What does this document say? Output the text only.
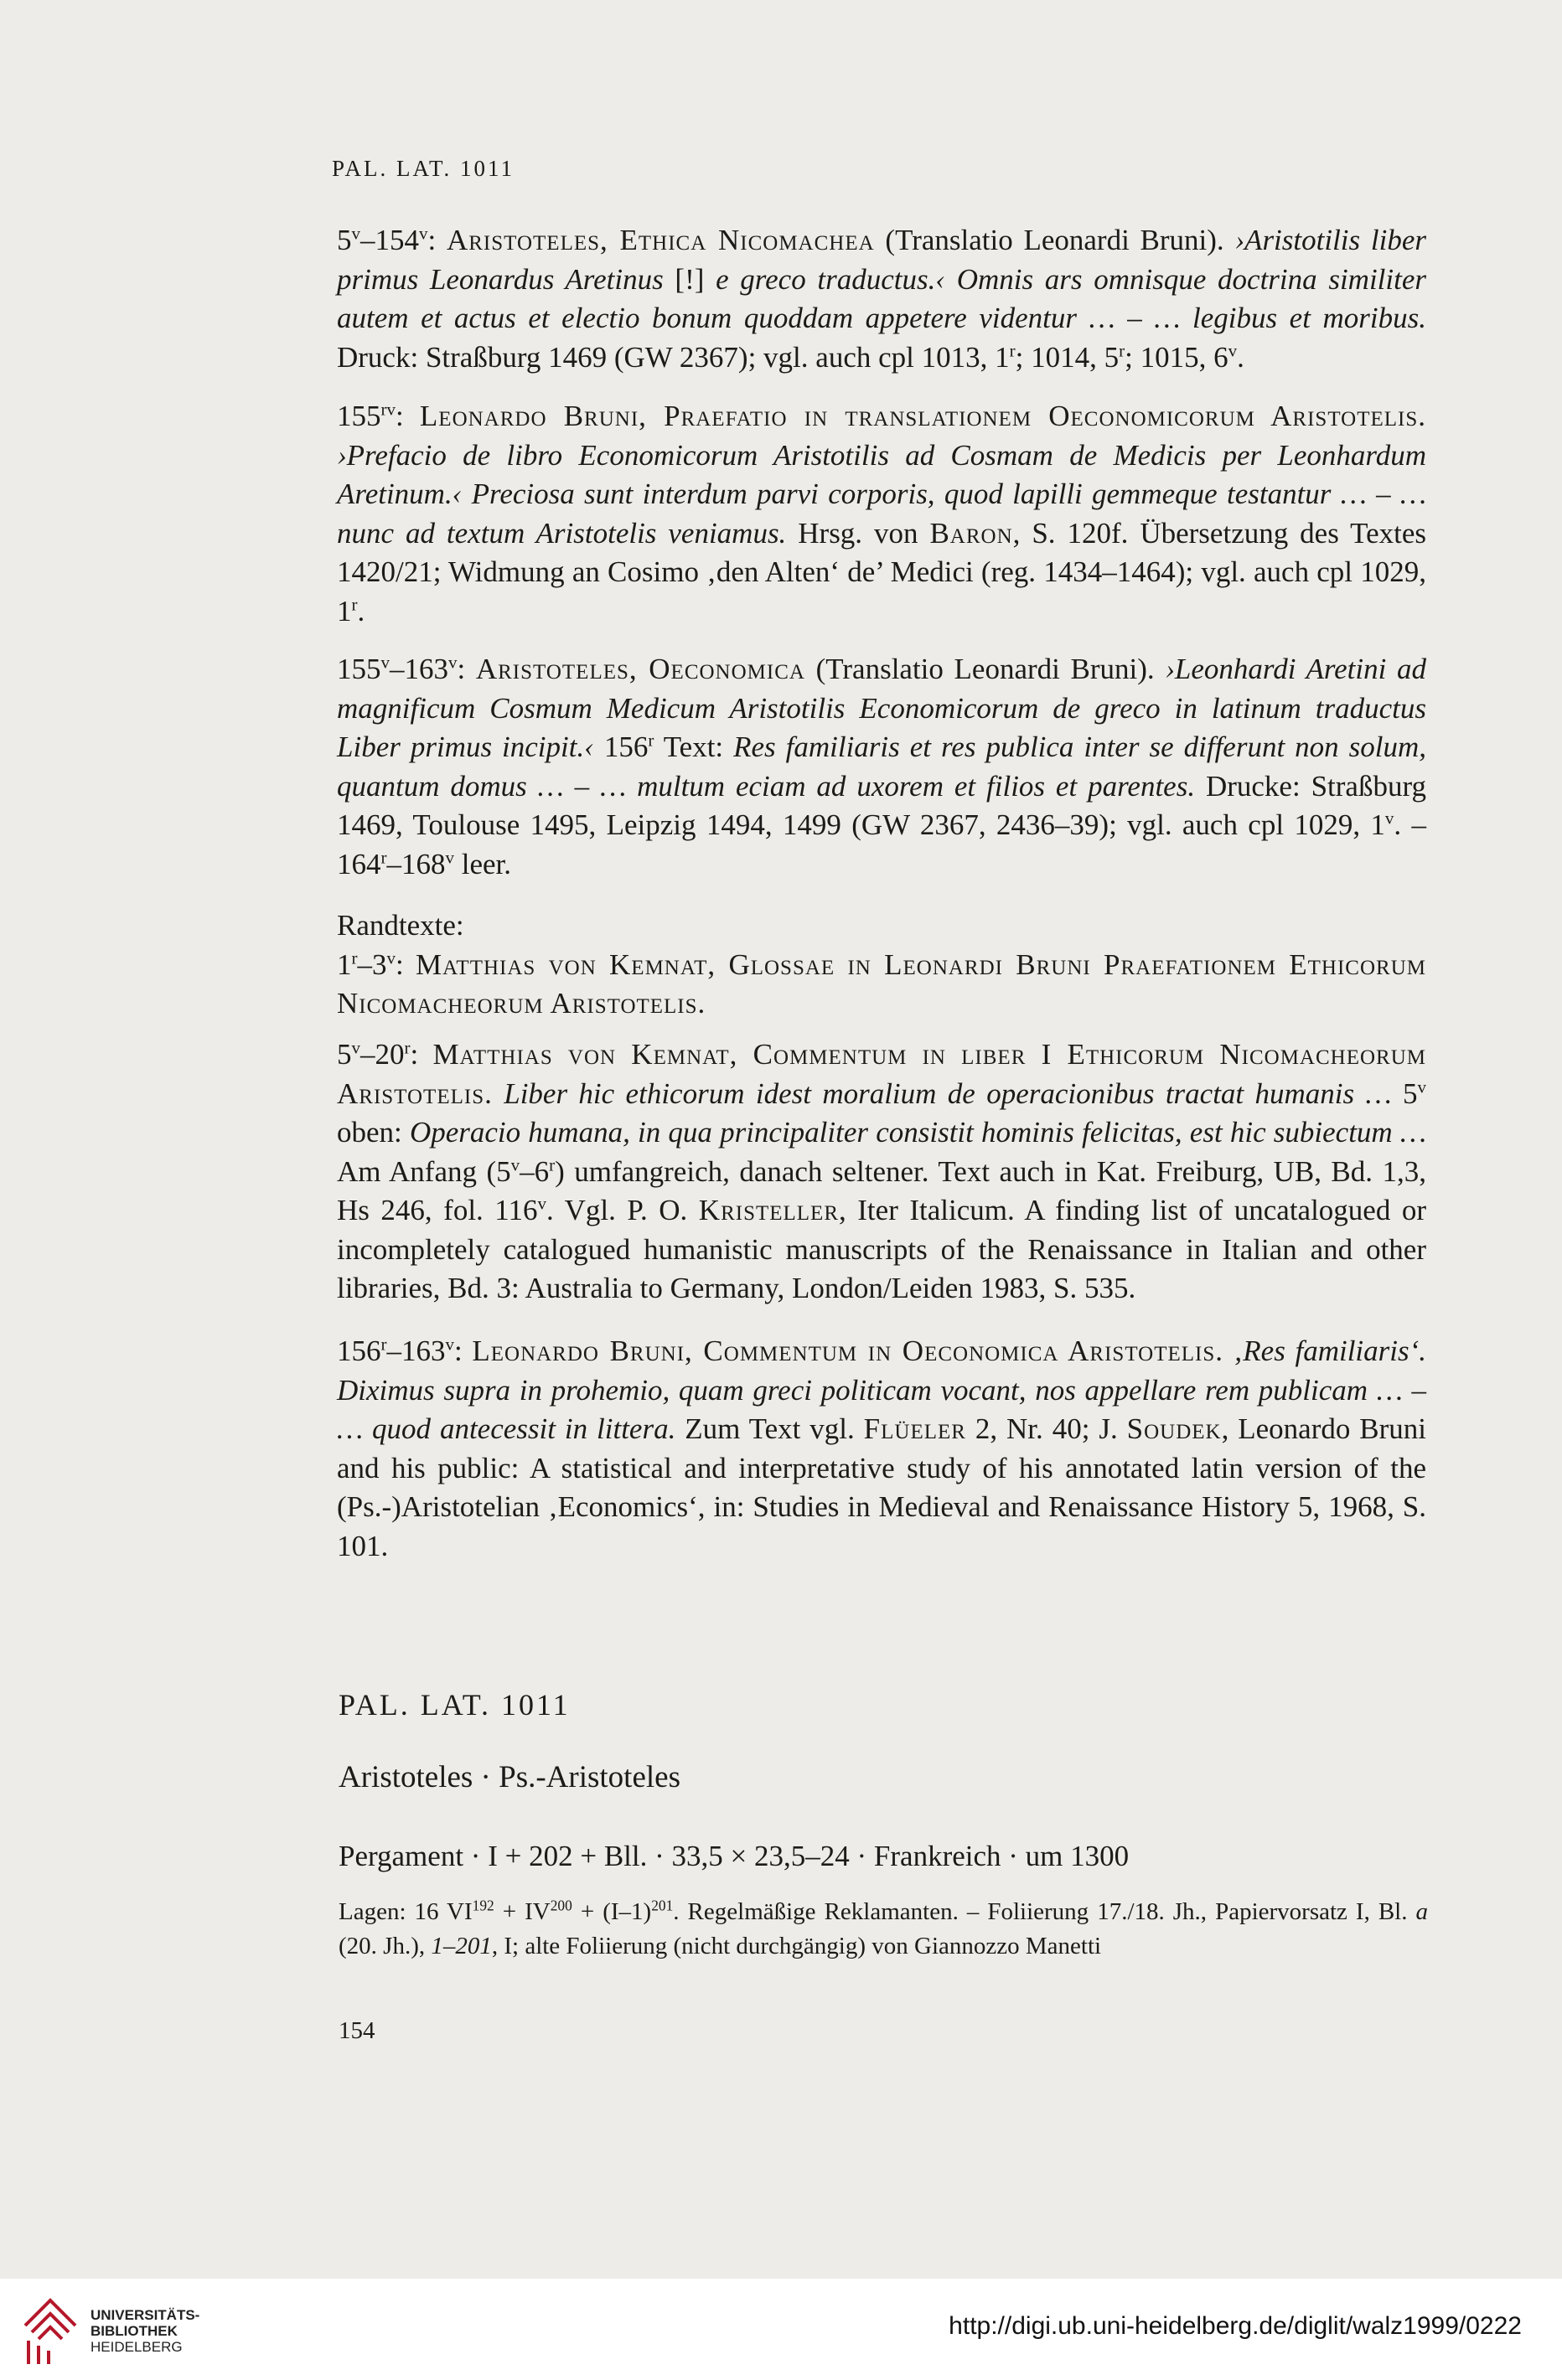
PAL. LAT. 1011

5$^v$–154$^v$: Aristoteles, Ethica Nicomachea (Translatio Leonardi Bruni). ›Aristotilis liber primus Leonardus Aretinus [!] e greco traductus.‹ Omnis ars omnisque doctrina similiter autem et actus et electio bonum quoddam appetere videntur … – … legibus et moribus. Druck: Straßburg 1469 (GW 2367); vgl. auch cpl 1013, 1$^r$; 1014, 5$^r$; 1015, 6$^v$.

$155^{rv}$: Leonardo Bruni, Praefatio in translationem Oeconomicorum Aristotelis. ›Prefacio de libro Economicorum Aristotilis ad Cosmam de Medicis per Leonhardum Aretinum.‹ Preciosa sunt interdum parvi corporis, quod lapilli gemmeque testantur … – … nunc ad textum Aristotelis veniamus. Hrsg. von Baron, S. 120f. Übersetzung des Textes 1420/21; Widmung an Cosimo ‚den Alten‘ de’ Medici (reg. 1434–1464); vgl. auch cpl 1029, 1$^r$.

155$^v$–163$^v$: Aristoteles, Oeconomica (Translatio Leonardi Bruni). ›Leonhardi Aretini ad magnificum Cosmum Medicum Aristotilis Economicorum de greco in latinum traductus Liber primus incipit.‹ 156$^r$ Text: Res familiaris et res publica inter se differunt non solum, quantum domus … – … multum eciam ad uxorem et filios et parentes. Drucke: Straßburg 1469, Toulouse 1495, Leipzig 1494, 1499 (GW 2367, 2436–39); vgl. auch cpl 1029, 1$^v$. – 164$^r$–168$^v$ leer.

Randtexte:

1$^r$–3$^v$: Matthias von Kemnat, Glossae in Leonardi Bruni Praefationem Ethicorum Nicomacheorum Aristotelis.

5$^v$–20$^r$: Matthias von Kemnat, Commentum in liber I Ethicorum Nicomacheorum Aristotelis. Liber hic ethicorum idest moralium de operacionibus tractat humanis … 5$^v$ oben: Operacio humana, in qua principaliter consistit hominis felicitas, est hic subiectum … Am Anfang (5$^v$–6$^r$) umfangreich, danach seltener. Text auch in Kat. Freiburg, UB, Bd. 1,3, Hs 246, fol. 116$^v$. Vgl. P. O. Kristeller, Iter Italicum. A finding list of uncatalogued or incompletely catalogued humanistic manuscripts of the Renaissance in Italian and other libraries, Bd. 3: Australia to Germany, London/Leiden 1983, S. 535.

156$^r$–163$^v$: Leonardo Bruni, Commentum in Oeconomica Aristotelis. ‚Res familiaris‘. Diximus supra in prohemio, quam greci politicam vocant, nos appellare rem publicam … – … quod antecessit in littera. Zum Text vgl. Flüeler 2, Nr. 40; J. Soudek, Leonardo Bruni and his public: A statistical and interpretative study of his annotated latin version of the (Ps.-)Aristotelian ‚Economics‘, in: Studies in Medieval and Renaissance History 5, 1968, S. 101.

PAL. LAT. 1011
Aristoteles · Ps.-Aristoteles
Pergament · I + 202 + Bll. · 33,5 × 23,5–24 · Frankreich · um 1300
Lagen: 16 $VI^{192} + IV^{200} + (I-1)^{201}$. Regelmäßige Reklamanten. – Foliierung 17./18. Jh., Papiervorsatz I, Bl. a (20. Jh.), 1–201, I; alte Foliierung (nicht durchgängig) von Giannozzo Manetti
154
UNIVERSITÄTS-
BIBLIOTHEK
HEIDELBERG
http://digi.ub.uni-heidelberg.de/diglit/walz1999/0222
